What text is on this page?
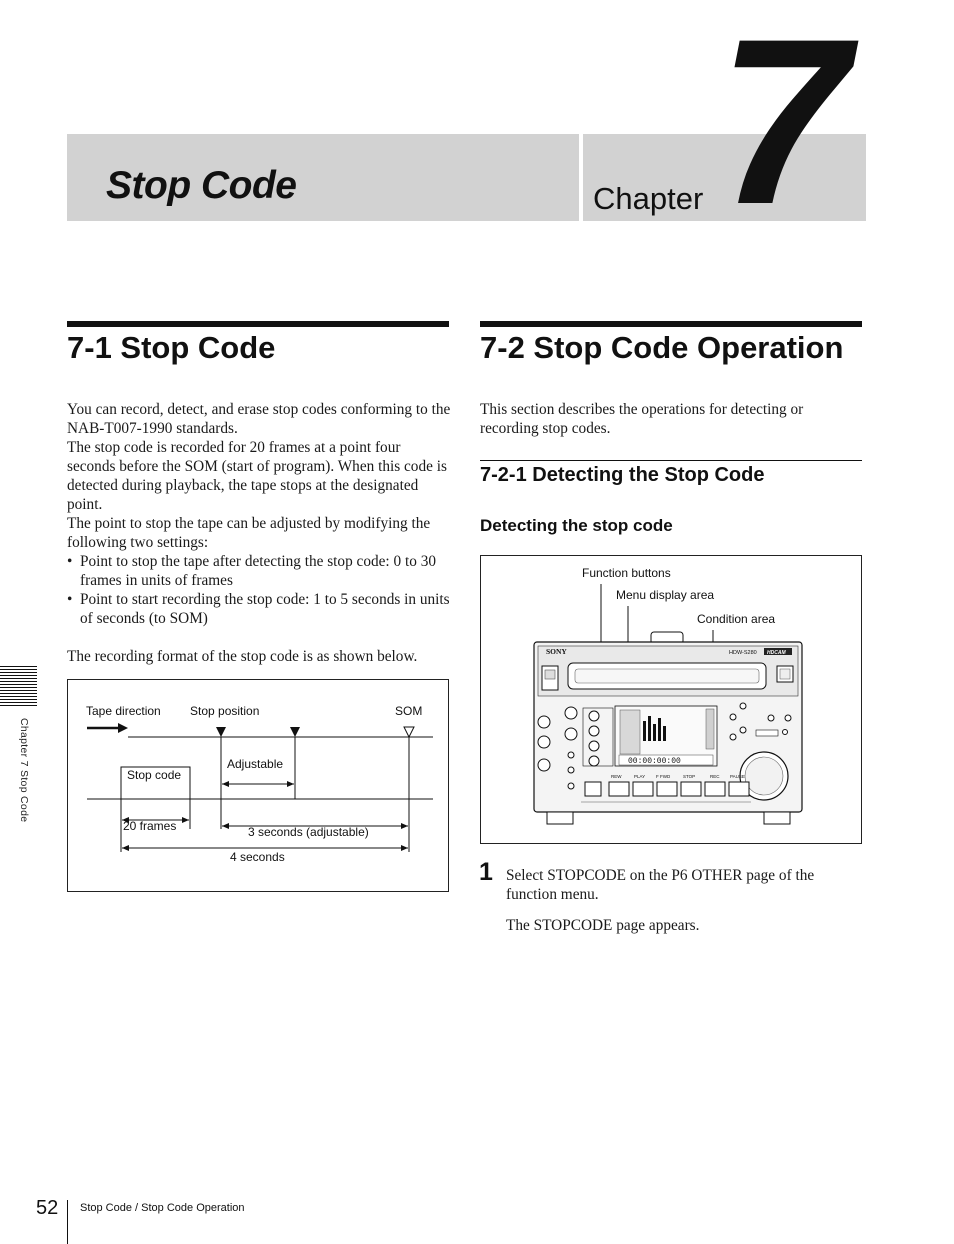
Stop Code	Chapter 7
Chapter 7 Stop Code
7-1 Stop Code

You can record, detect, and erase stop codes conforming to the NAB-T007-1990 standards.

The stop code is recorded for 20 frames at a point four seconds before the SOM (start of program). When this code is detected during playback, the tape stops at the designated point.

The point to stop the tape can be adjusted by modifying the following two settings:

• Point to stop the tape after detecting the stop code: 0 to 30 frames in units of frames

• Point to start recording the stop code: 1 to 5 seconds in units of seconds (to SOM)

The recording format of the stop code is as shown below.

Tape direction Stop position	SOM
Adjustable
Stop code
20 frames	3 seconds (adjustable)
4 seconds
7-2 Stop Code Operation

This section describes the operations for detecting or recording stop codes.

7-2-1 Detecting the Stop Code
Detecting the stop code
Function buttons
Menu display area
Condition area
SONY	HDW-S280 HDCAM
00:00:00:00
REW	PLAY F FWD	STOP	REC PAUSE
1 Select STOPCODE on the P6 OTHER page of the function menu.

The STOPCODE page appears.

52 Stop Code / Stop Code Operation
